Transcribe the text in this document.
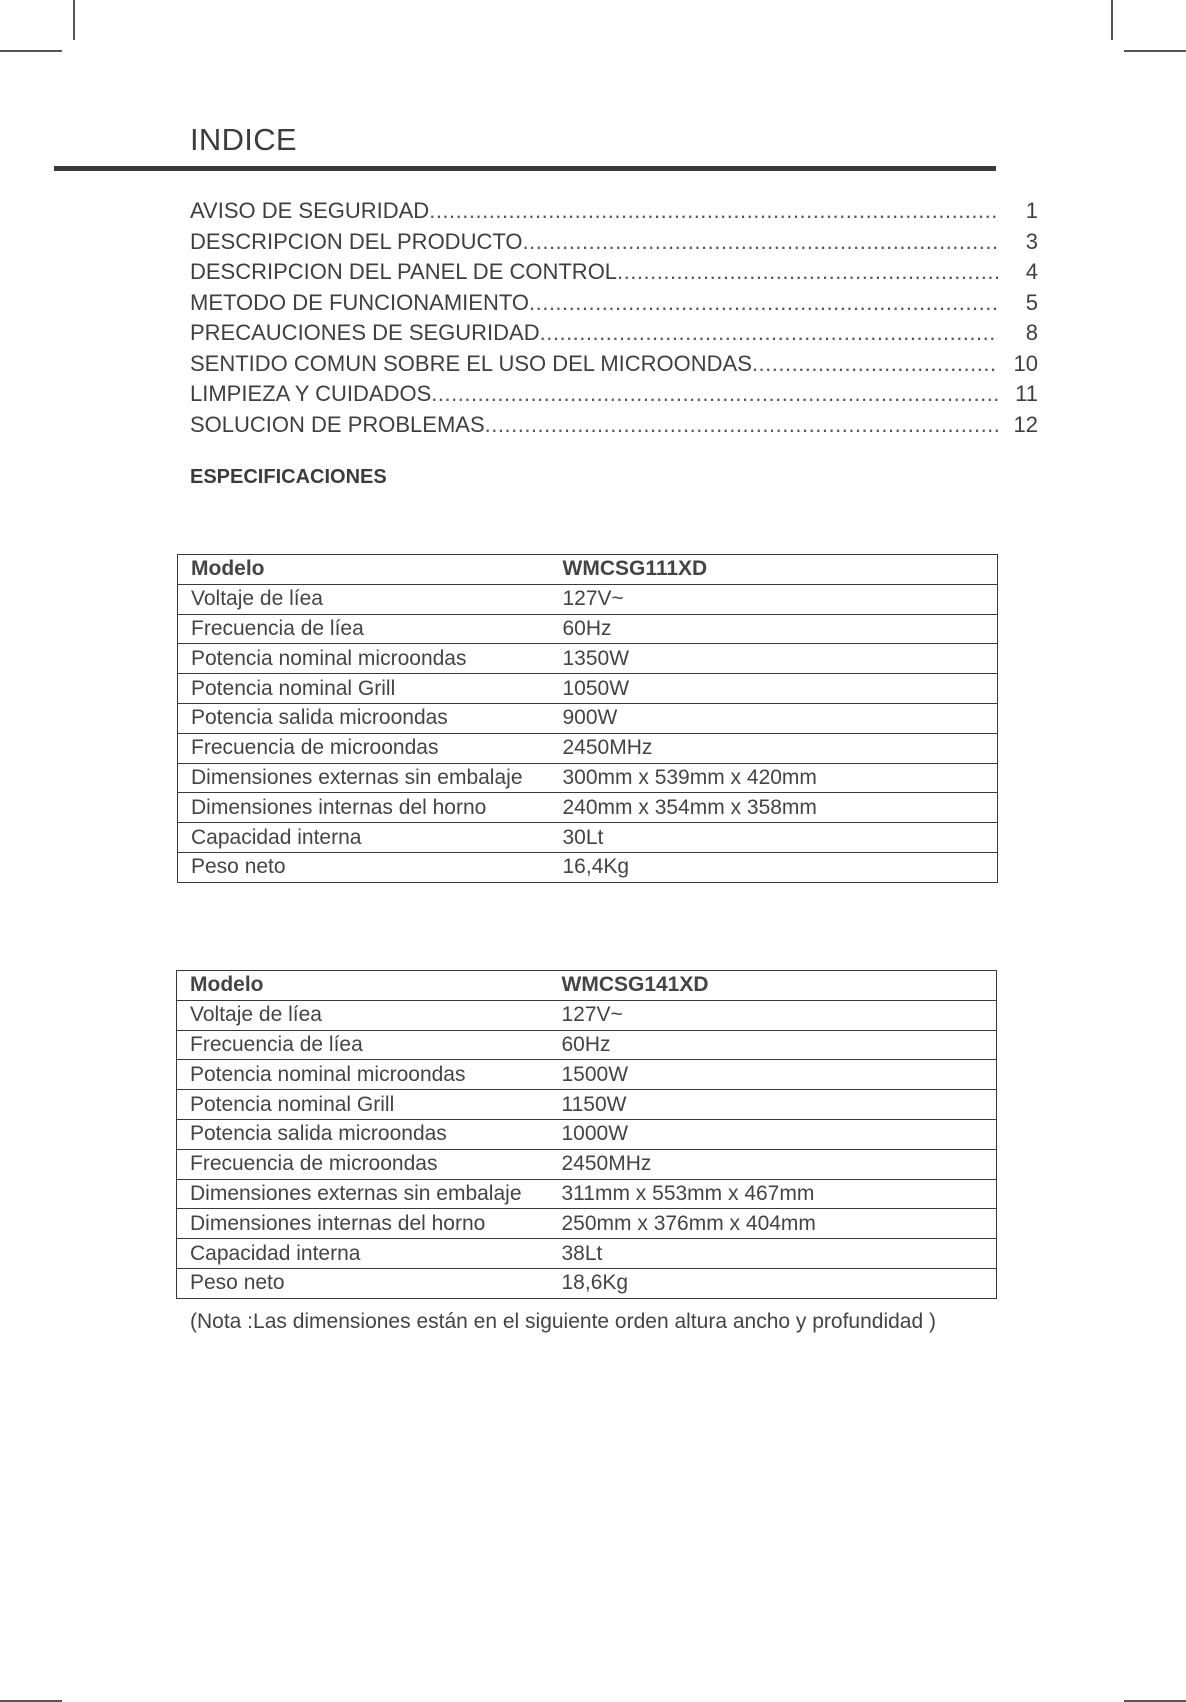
INDICE
AVISO DE SEGURIDAD .....	1
DESCRIPCION DEL PRODUCTO .....	3
DESCRIPCION DEL PANEL DE CONTROL .....	4
METODO DE FUNCIONAMIENTO .....	5
PRECAUCIONES DE SEGURIDAD .....	8
SENTIDO COMUN SOBRE EL USO DEL MICROONDAS .....	10
LIMPIEZA Y CUIDADOS .....	11
SOLUCION DE PROBLEMAS .....	12
ESPECIFICACIONES
Modelo	WMCSG111XD
Voltaje de líea	127V~
Frecuencia de líea	60Hz
Potencia nominal microondas	1350W
Potencia nominal Grill	1050W
Potencia salida microondas	900W
Frecuencia de microondas	2450MHz
Dimensiones externas sin embalaje	300mm x 539mm x 420mm
Dimensiones internas del horno	240mm x 354mm x 358mm
Capacidad interna	30Lt
Peso neto	16,4Kg
Modelo	WMCSG141XD
Voltaje de líea	127V~
Frecuencia de líea	60Hz
Potencia nominal microondas	1500W
Potencia nominal Grill	1150W
Potencia salida microondas	1000W
Frecuencia de microondas	2450MHz
Dimensiones externas sin embalaje	311mm x 553mm x 467mm
Dimensiones internas del horno	250mm x 376mm x 404mm
Capacidad interna	38Lt
Peso neto	18,6Kg
(Nota :Las dimensiones están en el siguiente orden altura ancho y profundidad )
